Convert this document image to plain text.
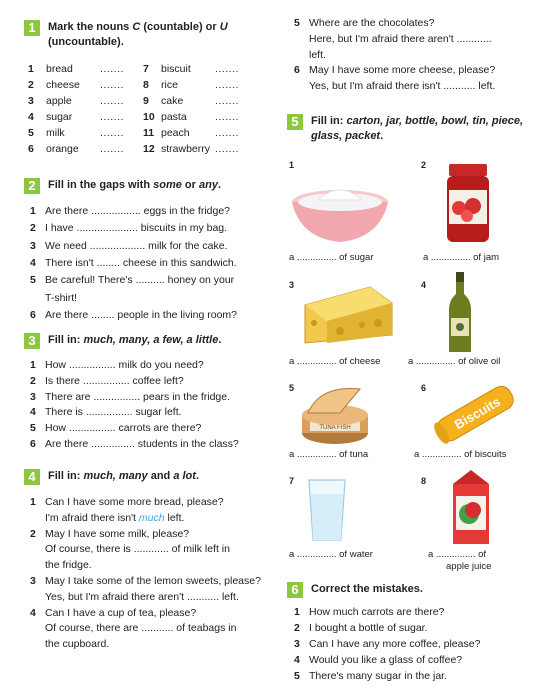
1	Mark the nouns C (countable) or U
(uncountable).
1 bread	.......
2 cheese .......
3 apple	.......
4 sugar	.......
5 milk	.......
6 orange .......
7 biscuit .......
8 rice	.......
9 cake	.......
10 pasta	.......
11 peach .......
12 strawberry .......
2	Fill in the gaps with some or any.
1 Are there ................. eggs in the fridge?
2 I have ..................... biscuits in my bag.
3 We need ................... milk for the cake.
4 There isn't ........ cheese in this sandwich.
5 Be careful! There's .......... honey on your
T-shirt!
6 Are there ........ people in the living room?
3	Fill in: much, many, a few, a little.
1 How ................ milk do you need?
2 Is there ................ coffee left?
3 There are ................ pears in the fridge.
4 There is ................ sugar left.
5 How ................ carrots are there?
6 Are there ............... students in the class?
4	Fill in: much, many and a lot.
1 Can I have some more bread, please?
I'm afraid there isn't much left.
2 May I have some milk, please?
Of course, there is ............ of milk left in
the fridge.
3 May I take some of the lemon sweets, please?
Yes, but I'm afraid there aren't ........... left.
4 Can I have a cup of tea, please?
Of course, there are ........... of teabags in
the cupboard.
5 Where are the chocolates?
Here, but I'm afraid there aren't ............
left.
6 May I have some more cheese, please?
Yes, but I'm afraid there isn't ........... left.
5	Fill in: carton, jar, bottle, bowl, tin, piece,
glass, packet.
1
a ............... of sugar
2
a ............... of jam
3
a ............... of cheese
4
a ............... of olive oil
5
a ............... of tuna
6
a ............... of biscuits
7
a ............... of water
8
a ............... of
apple juice
TUNA FISH	Biscuits
6	Correct the mistakes.
1 How much carrots are there?
2 I bought a bottle of sugar.
3 Can I have any more coffee, please?
4 Would you like a glass of coffee?
5 There's many sugar in the jar.
